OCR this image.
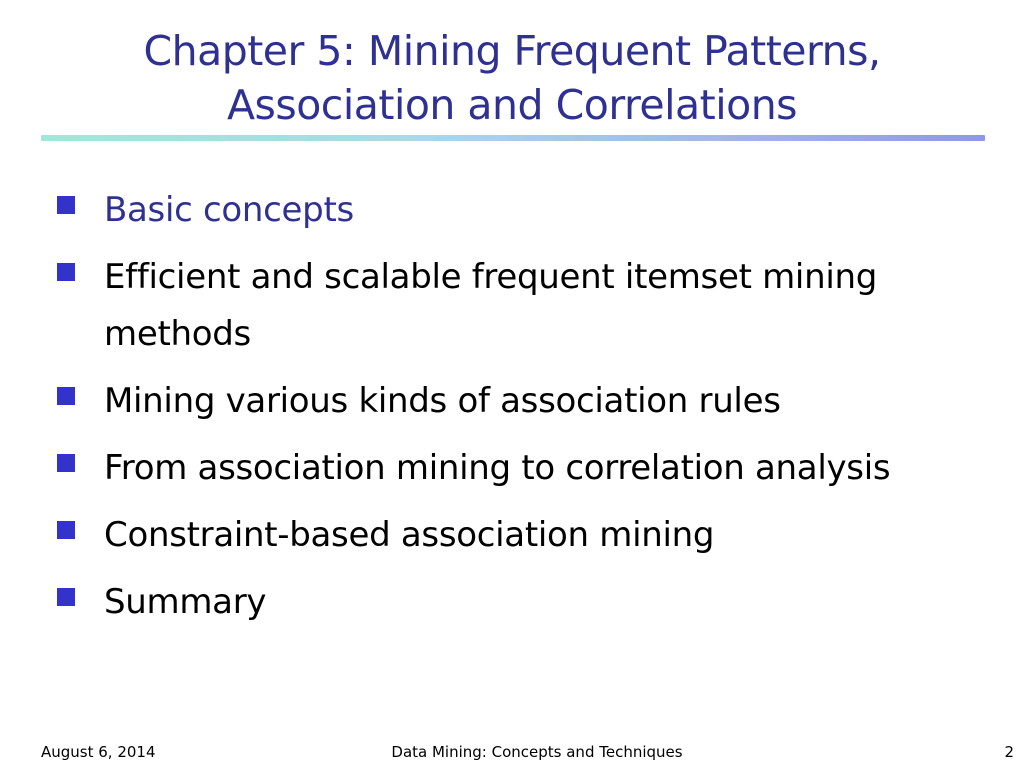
Chapter 5: Mining Frequent Patterns,
Association and Correlations
Basic concepts
Efficient and scalable frequent itemset mining methods
Mining various kinds of association rules
From association mining to correlation analysis
Constraint-based association mining
Summary
August 6, 2014	Data Mining: Concepts and Techniques	2
